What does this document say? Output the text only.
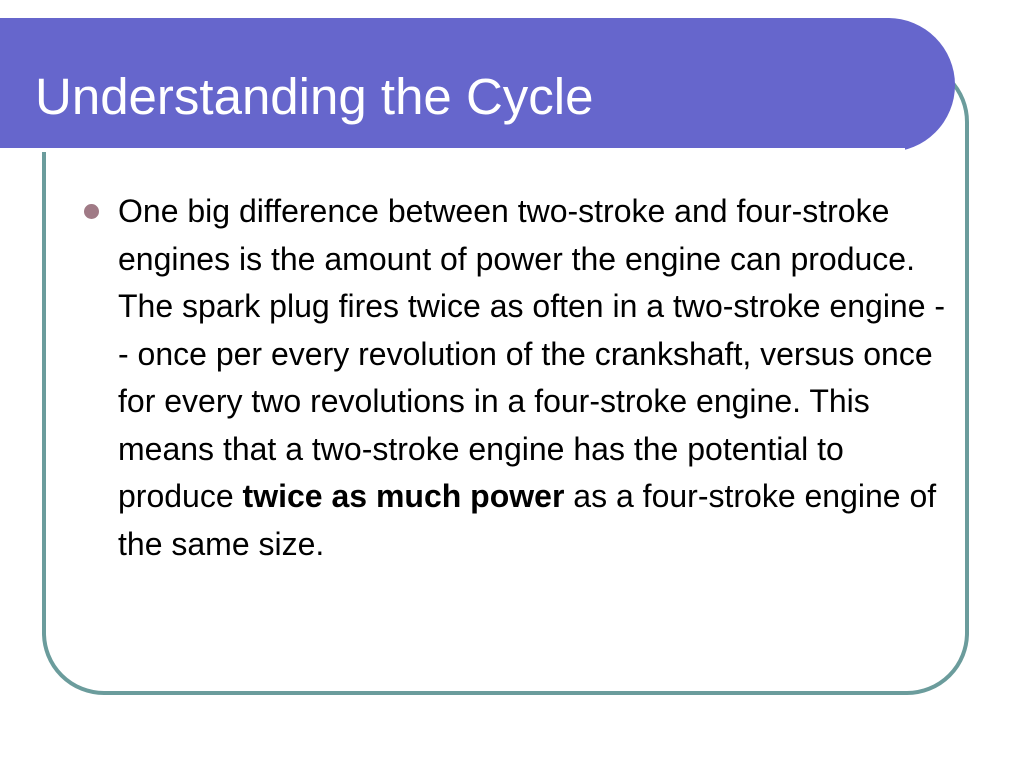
Understanding the Cycle
One big difference between two-stroke and four-stroke engines is the amount of power the engine can produce. The spark plug fires twice as often in a two-stroke engine -- once per every revolution of the crankshaft, versus once for every two revolutions in a four-stroke engine. This means that a two-stroke engine has the potential to produce twice as much power as a four-stroke engine of the same size.
